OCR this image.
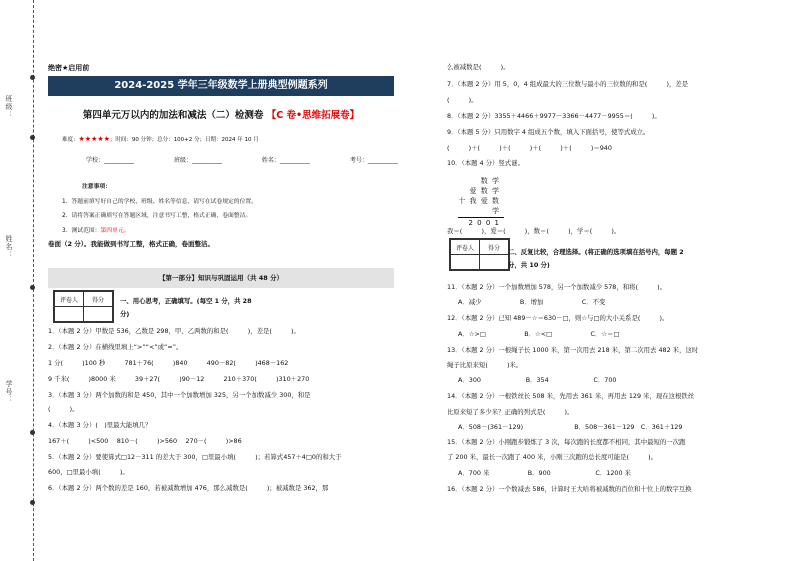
班级：
姓名：
学号：
绝密★启用前
2024-2025 学年三年级数学上册典型例题系列
第四单元万以内的加法和减法（二）检测卷 【C 卷•思维拓展卷】
难度：★★★★★；时间：90 分钟；总分：100+2 分；日期：2024 年 10 月
学校：__________	班级：__________	姓名：__________	考号：__________
注意事项：
1．答题前填写好自己的学校、班级、姓名等信息，请写在试卷规定的位置。
2．请将答案正确填写在答题区域，注意书写工整，格式正确，卷面整洁。
3．测试范围：第四单元。
卷面（2 分）。我能做到书写工整，格式正确，卷面整洁。
【第一部分】知识与巩固运用（共 48 分）
评卷人	得分
		一、用心思考，正确填写。(每空 1 分，共 28
分)
1．（本题 2 分）甲数是 536，乙数是 298，甲、乙两数的和是(　　　)，差是(　　　)。
2．（本题 2 分）在横线里填上“>”“<”或“=”。
1 分(　　　)100 秒　　　781＋76(　　　)840　　　490－82(　　　)468－162
9 千米(　　　)8000 米　　　39＋27(　　　)90－12　　　210＋370(　　　)310＋270
3．（本题 3 分）两个加数的和是 450，其中一个加数增加 325，另一个加数减少 300，和是
(　　　)。
4．（本题 3 分）(　)里最大能填几？
167＋(　　　)<500　 810－(　　　)>560　 270－(　　　)>86
5．（本题 2 分）要使算式□12－311 的差大于 300，□里最小填(　　　)；若算式457＋4□0的和大于
600，□里最小填(　　　)。
6．（本题 2 分）两个数的差是 160，若被减数增加 476，那么减数是(　　　)；被减数是 362，那
么被减数是(　　　)。
7．（本题 2 分）用 5，0，4 组成最大的三位数与最小的三位数的和是(　　　)，差是
(　　　)。
8．（本题 2 分）3355＋4466＋9977－3366－4477－9955＝(　　　)。
9．（本题 5 分）只用数字 4 组成五个数，填入下面括号，使等式成立。
(　　　)＋(　　　)＋(　　　)＋(　　　)＋(　　　)＝940
10．（本题 4 分）竖式谜。
数 学
爱 数 学
十 我 爱 数 学
2 0 0 1
我＝(　　　)，爱＝(　　　)，数＝(　　　)，学＝(　　　)。
评卷人	得分
	二、反复比较，合理选择。(将正确的选项填在括号内，每题 2
分，共 10 分)
11．（本题 2 分）一个加数增加 578，另一个加数减少 578，和将(　　　)。
A．减少　　　　　　B．增加　　　　　　C．不变
12．（本题 2 分）已知 489－☆＝630－□，则☆与□的大小关系是(　　　)。
A．☆>□　　　　　　B．☆<□　　　　　　C．☆＝□
13．（本题 2 分）一根绳子长 1000 米，第一次用去 218 米，第二次用去 482 米，这时
绳子比原来短(　　　)米。
A．300　　　　　　　B．354　　　　　　　C．700
14．（本题 2 分）一根铁丝长 508 米，先用去 361 米，再用去 129 米，现在这根铁丝
比原来短了多少米？正确的列式是(　　　)。
A．508－(361－129)　　　　　　　　B．508－361－129　C．361＋129
15．（本题 2 分）小刚跑步锻炼了 3 次，每次跑的长度都不相同，其中最短的一次跑
了 200 米，最长一次跑了 400 米，小刚三次跑的总长度可能是(　　　)。
A．700 米　　　　　　B．900　　　　　　　C．1200 米
16．（本题 2 分）一个数减去 586，计算时王大哈将被减数的百位和十位上的数字互换
